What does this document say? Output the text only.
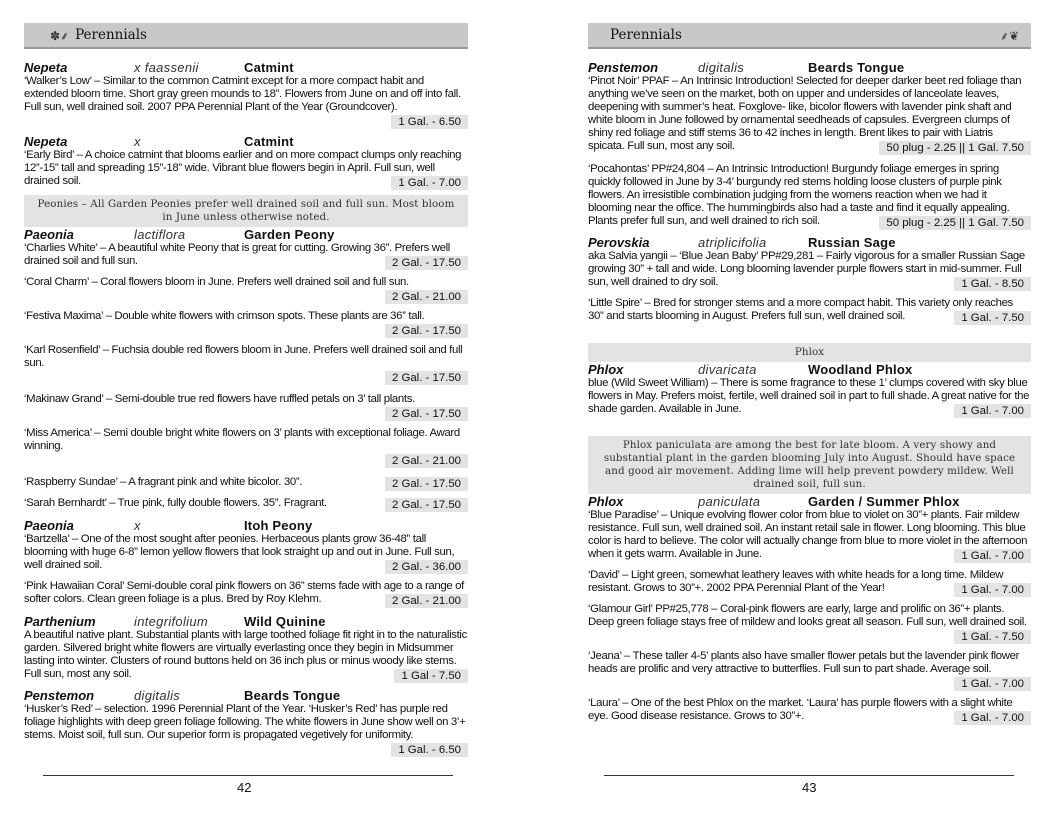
✽⸙ Perennials
Nepeta	x faassenii	Catmint
‘Walker’s Low’ – Similar to the common Catmint except for a more compact habit and extended bloom time. Short gray green mounds to 18”. Flowers from June on and off into fall. Full sun, well drained soil. 2007 PPA Perennial Plant of the Year (Groundcover).
1 Gal. - 6.50
Nepeta	x	Catmint
‘Early Bird’ – A choice catmint that blooms earlier and on more compact clumps only reaching 12”-15” tall and spreading 15”-18” wide. Vibrant blue flowers begin in April. Full sun, well drained soil.	1 Gal. - 7.00
Peonies – All Garden Peonies prefer well drained soil and full sun. Most bloom in June unless otherwise noted.
Paeonia	lactiflora	Garden Peony
‘Charlies White’ – A beautiful white Peony that is great for cutting. Growing 36”. Prefers well drained soil and full sun.	2 Gal. - 17.50
‘Coral Charm’ – Coral flowers bloom in June. Prefers well drained soil and full sun.
2 Gal. - 21.00
‘Festiva Maxima’ – Double white flowers with crimson spots. These plants are 36” tall.
2 Gal. - 17.50
‘Karl Rosenfield’ – Fuchsia double red flowers bloom in June. Prefers well drained soil and full sun.
2 Gal. - 17.50
‘Makinaw Grand’ – Semi-double true red flowers have ruffled petals on 3’ tall plants.
2 Gal. - 17.50
‘Miss America’ – Semi double bright white flowers on 3’ plants with exceptional foliage. Award winning.
2 Gal. - 21.00
‘Raspberry Sundae’ – A fragrant pink and white bicolor. 30”.	2 Gal. - 17.50
‘Sarah Bernhardt’ – True pink, fully double flowers. 35”. Fragrant.	2 Gal. - 17.50
Paeonia	x	Itoh Peony
‘Bartzella’ – One of the most sought after peonies. Herbaceous plants grow 36-48” tall blooming with huge 6-8” lemon yellow flowers that look straight up and out in June. Full sun, well drained soil.	2 Gal. - 36.00
‘Pink Hawaiian Coral’ Semi-double coral pink flowers on 36” stems fade with age to a range of softer colors. Clean green foliage is a plus. Bred by Roy Klehm.	2 Gal. - 21.00
Parthenium	integrifolium	Wild Quinine
A beautiful native plant. Substantial plants with large toothed foliage fit right in to the naturalistic garden. Silvered bright white flowers are virtually everlasting once they begin in Midsummer lasting into winter. Clusters of round buttons held on 36 inch plus or minus woody like stems. Full sun, most any soil.	1 Gal - 7.50
Penstemon	digitalis	Beards Tongue
‘Husker’s Red’ – selection. 1996 Perennial Plant of the Year. ‘Husker’s Red’ has purple red foliage highlights with deep green foliage following. The white flowers in June show well on 3’+ stems. Moist soil, full sun. Our superior form is propagated vegetively for uniformity.
1 Gal. - 6.50
Perennials	⸙❦
Penstemon	digitalis	Beards Tongue
‘Pinot Noir’ PPAF – An Intrinsic Introduction! Selected for deeper darker beet red foliage than anything we’ve seen on the market, both on upper and undersides of lanceolate leaves, deepening with summer’s heat. Foxglove- like, bicolor flowers with lavender pink shaft and white bloom in June followed by ornamental seedheads of capsules. Evergreen clumps of shiny red foliage and stiff stems 36 to 42 inches in length. Brent likes to pair with Liatris spicata. Full sun, most any soil.	50 plug - 2.25 || 1 Gal. 7.50
‘Pocahontas’ PP#24,804 – An Intrinsic Introduction! Burgundy foliage emerges in spring quickly followed in June by 3-4’ burgundy red stems holding loose clusters of purple pink flowers. An irresistible combination judging from the womens reaction when we had it blooming near the office. The hummingbirds also had a taste and find it equally appealing. Plants prefer full sun, and well drained to rich soil.	50 plug - 2.25 || 1 Gal. 7.50
Perovskia	atriplicifolia	Russian Sage
aka Salvia yangii – ‘Blue Jean Baby’ PP#29,281 – Fairly vigorous for a smaller Russian Sage growing 30” + tall and wide. Long blooming lavender purple flowers start in mid-summer. Full sun, well drained to dry soil.	1 Gal. - 8.50
‘Little Spire’ – Bred for stronger stems and a more compact habit. This variety only reaches 30” and starts blooming in August. Prefers full sun, well drained soil.	1 Gal. - 7.50
Phlox
Phlox	divaricata	Woodland Phlox
blue (Wild Sweet William) – There is some fragrance to these 1’ clumps covered with sky blue flowers in May. Prefers moist, fertile, well drained soil in part to full shade. A great native for the shade garden. Available in June.	1 Gal. - 7.00
Phlox paniculata are among the best for late bloom. A very showy and substantial plant in the garden blooming July into August. Should have space and good air movement. Adding lime will help prevent powdery mildew. Well drained soil, full sun.
Phlox	paniculata	Garden / Summer Phlox
‘Blue Paradise’ – Unique evolving flower color from blue to violet on 30”+ plants. Fair mildew resistance. Full sun, well drained soil. An instant retail sale in flower. Long blooming. This blue color is hard to believe. The color will actually change from blue to more violet in the afternoon when it gets warm. Available in June.	1 Gal. - 7.00
‘David’ – Light green, somewhat leathery leaves with white heads for a long time. Mildew resistant. Grows to 30”+. 2002 PPA Perennial Plant of the Year!	1 Gal. - 7.00
‘Glamour Girl’ PP#25,778 – Coral-pink flowers are early, large and prolific on 36”+ plants. Deep green foliage stays free of mildew and looks great all season. Full sun, well drained soil.
1 Gal. - 7.50
‘Jeana’ – These taller 4-5’ plants also have smaller flower petals but the lavender pink flower heads are prolific and very attractive to butterflies. Full sun to part shade. Average soil.
1 Gal. - 7.00
‘Laura’ – One of the best Phlox on the market. ‘Laura’ has purple flowers with a slight white eye. Good disease resistance. Grows to 30”+.	1 Gal. - 7.00
42	43
